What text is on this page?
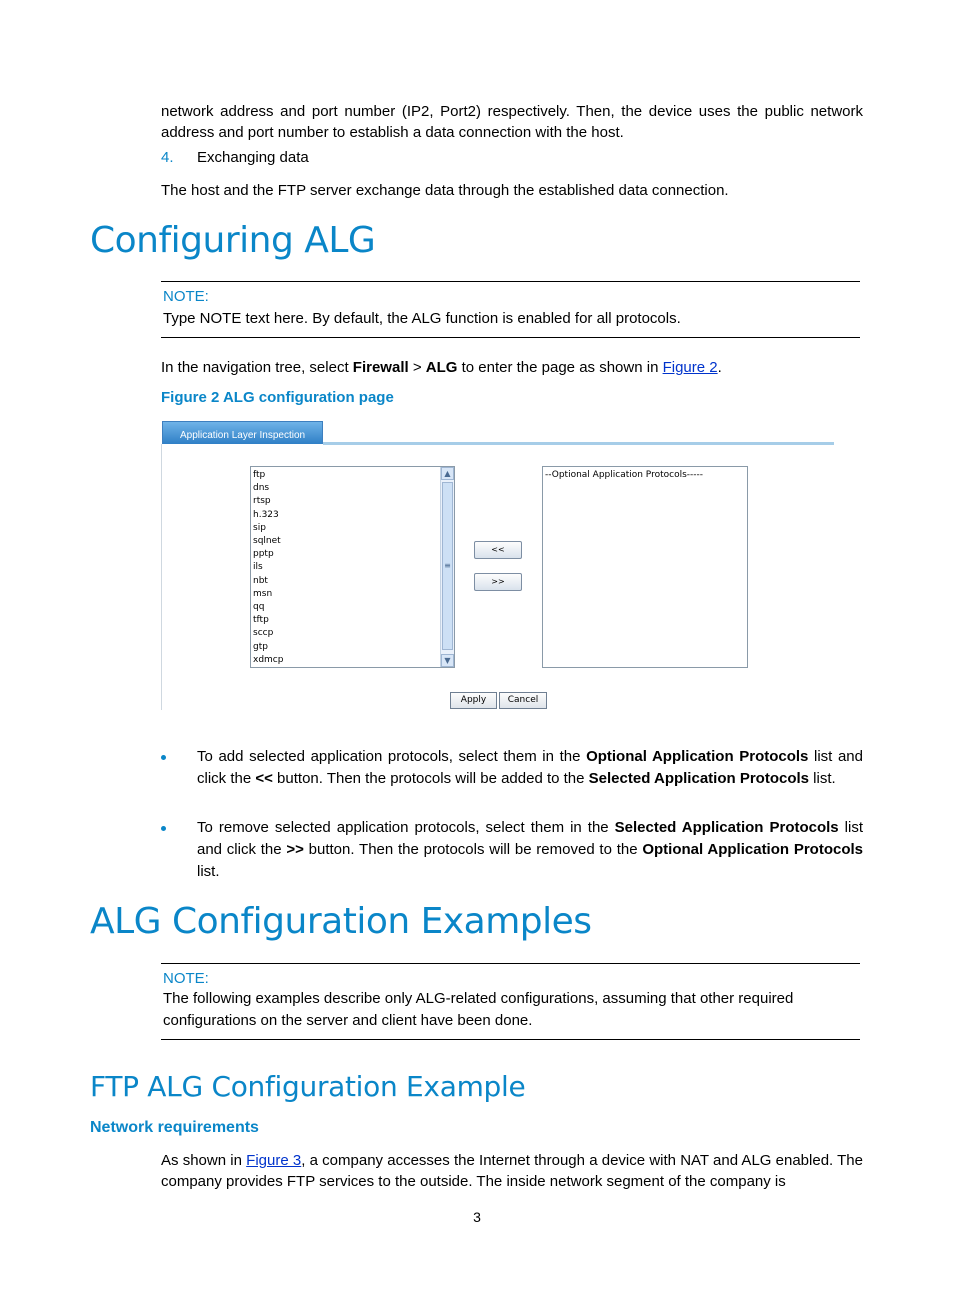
network address and port number (IP2, Port2) respectively. Then, the device uses the public network address and port number to establish a data connection with the host.
4. Exchanging data
The host and the FTP server exchange data through the established data connection.
Configuring ALG
NOTE:
Type NOTE text here. By default, the ALG function is enabled for all protocols.
In the navigation tree, select Firewall > ALG to enter the page as shown in Figure 2.
Figure 2 ALG configuration page
Application Layer Inspection
ftp
dns
rtsp
h.323
sip
sqlnet
pptp
ils
nbt
msn
qq
tftp
sccp
gtp
xdmcp
▲
≡
▼
<<
>>
--Optional Application Protocols-----
Apply	Cancel
To add selected application protocols, select them in the Optional Application Protocols list and click the << button. Then the protocols will be added to the Selected Application Protocols list.
To remove selected application protocols, select them in the Selected Application Protocols list and click the >> button. Then the protocols will be removed to the Optional Application Protocols list.
ALG Configuration Examples
NOTE:
The following examples describe only ALG-related configurations, assuming that other required configurations on the server and client have been done.
FTP ALG Configuration Example
Network requirements
As shown in Figure 3, a company accesses the Internet through a device with NAT and ALG enabled. The company provides FTP services to the outside. The inside network segment of the company is
3
